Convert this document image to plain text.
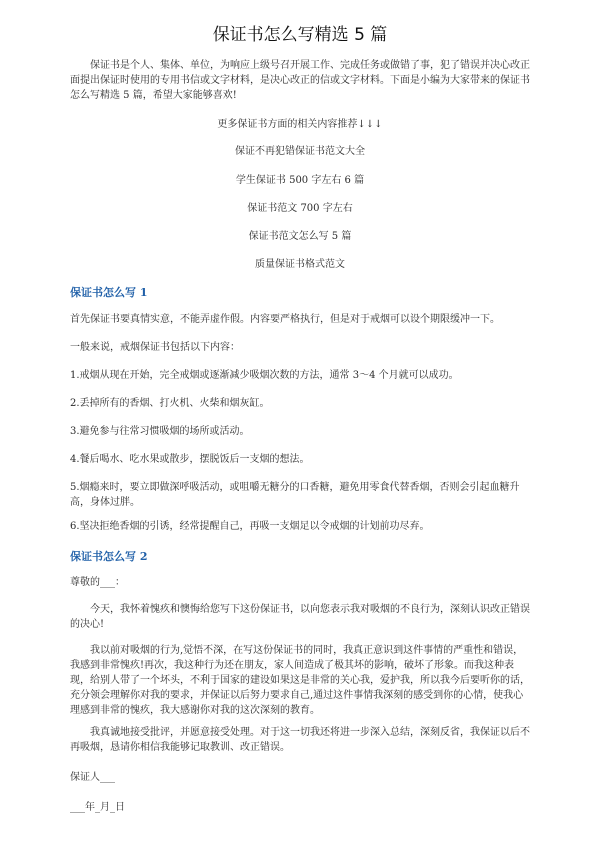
保证书怎么写精选 5 篇

保证书是个人、集体、单位，为响应上级号召开展工作、完成任务或做错了事，犯了错误并决心改正面提出保证时使用的专用书信或文字材料，是决心改正的信或文字材料。下面是小编为大家带来的保证书怎么写精选 5 篇，希望大家能够喜欢!

更多保证书方面的相关内容推荐↓↓↓
保证不再犯错保证书范文大全
学生保证书 500 字左右 6 篇
保证书范文 700 字左右
保证书范文怎么写 5 篇
质量保证书格式范文
保证书怎么写 1
首先保证书要真情实意，不能弄虚作假。内容要严格执行，但是对于戒烟可以设个期限缓冲一下。
一般来说，戒烟保证书包括以下内容：
1.戒烟从现在开始，完全戒烟或逐渐减少吸烟次数的方法，通常 3～4 个月就可以成功。
2.丢掉所有的香烟、打火机、火柴和烟灰缸。
3.避免参与往常习惯吸烟的场所或活动。
4.餐后喝水、吃水果或散步，摆脱饭后一支烟的想法。

5.烟瘾来时，要立即做深呼吸活动，或咀嚼无糖分的口香糖，避免用零食代替香烟，否则会引起血糖升高，身体过胖。

6.坚决拒绝香烟的引诱，经常提醒自己，再吸一支烟足以令戒烟的计划前功尽弃。
保证书怎么写 2
尊敬的___：

今天，我怀着愧疚和懊悔给您写下这份保证书，以向您表示我对吸烟的不良行为，深刻认识改正错误的决心!

我以前对吸烟的行为,觉悟不深，在写这份保证书的同时，我真正意识到这件事情的严重性和错误，我感到非常愧疚!再次，我这种行为还在朋友，家人间造成了极其坏的影响，破坏了形象。而我这种表现，给别人带了一个坏头，不利于国家的建设如果这是非常的关心我，爱护我，所以我今后要听你的话，充分领会理解你对我的要求，并保证以后努力要求自己,通过这件事情我深刻的感受到你的心情，使我心理感到非常的愧疚，我大感谢你对我的这次深刻的教育。

我真诚地接受批评，并愿意接受处理。对于这一切我还将进一步深入总结，深刻反省，我保证以后不再吸烟，恳请你相信我能够记取教训、改正错误。

保证人___
___年_月_日
